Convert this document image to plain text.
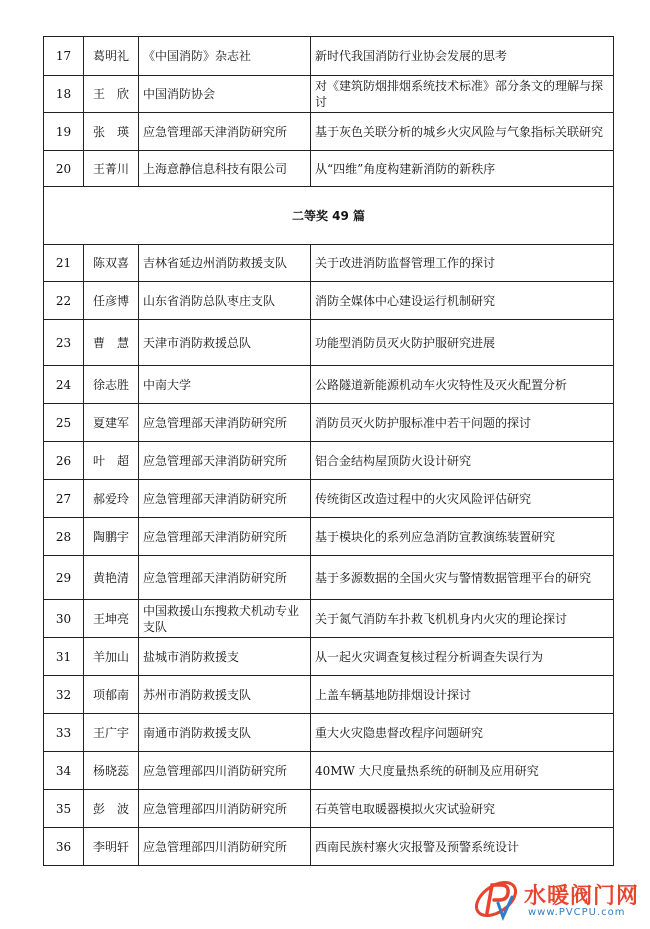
17	葛明礼	《中国消防》杂志社	新时代我国消防行业协会发展的思考
18	王　欣	中国消防协会	对《建筑防烟排烟系统技术标准》部分条文的理解与探讨
19	张　瑛	应急管理部天津消防研究所	基于灰色关联分析的城乡火灾风险与气象指标关联研究
20	王菁川	上海意静信息科技有限公司	从“四维”角度构建新消防的新秩序
二等奖 49 篇			
21	陈双喜	吉林省延边州消防救援支队	关于改进消防监督管理工作的探讨
22	任彦博	山东省消防总队枣庄支队	消防全媒体中心建设运行机制研究
23	曹　慧	天津市消防救援总队	功能型消防员灭火防护服研究进展
24	徐志胜	中南大学	公路隧道新能源机动车火灾特性及灭火配置分析
25	夏建军	应急管理部天津消防研究所	消防员灭火防护服标准中若干问题的探讨
26	叶　超	应急管理部天津消防研究所	铝合金结构屋顶防火设计研究
27	郝爱玲	应急管理部天津消防研究所	传统街区改造过程中的火灾风险评估研究
28	陶鹏宇	应急管理部天津消防研究所	基于模块化的系列应急消防宣教演练装置研究
29	黄艳清	应急管理部天津消防研究所	基于多源数据的全国火灾与警情数据管理平台的研究
30	王坤亮	中国救援山东搜救犬机动专业支队	关于氮气消防车扑救飞机机身内火灾的理论探讨
31	羊加山	盐城市消防救援支	从一起火灾调查复核过程分析调查失误行为
32	项郁南	苏州市消防救援支队	上盖车辆基地防排烟设计探讨
33	王广宇	南通市消防救援支队	重大火灾隐患督改程序问题研究
34	杨晓蕊	应急管理部四川消防研究所	40MW 大尺度量热系统的研制及应用研究
35	彭　波	应急管理部四川消防研究所	石英管电取暖器模拟火灾试验研究
36	李明轩	应急管理部四川消防研究所	西南民族村寨火灾报警及预警系统设计
水暖阀门网
www.PVCPU.com
